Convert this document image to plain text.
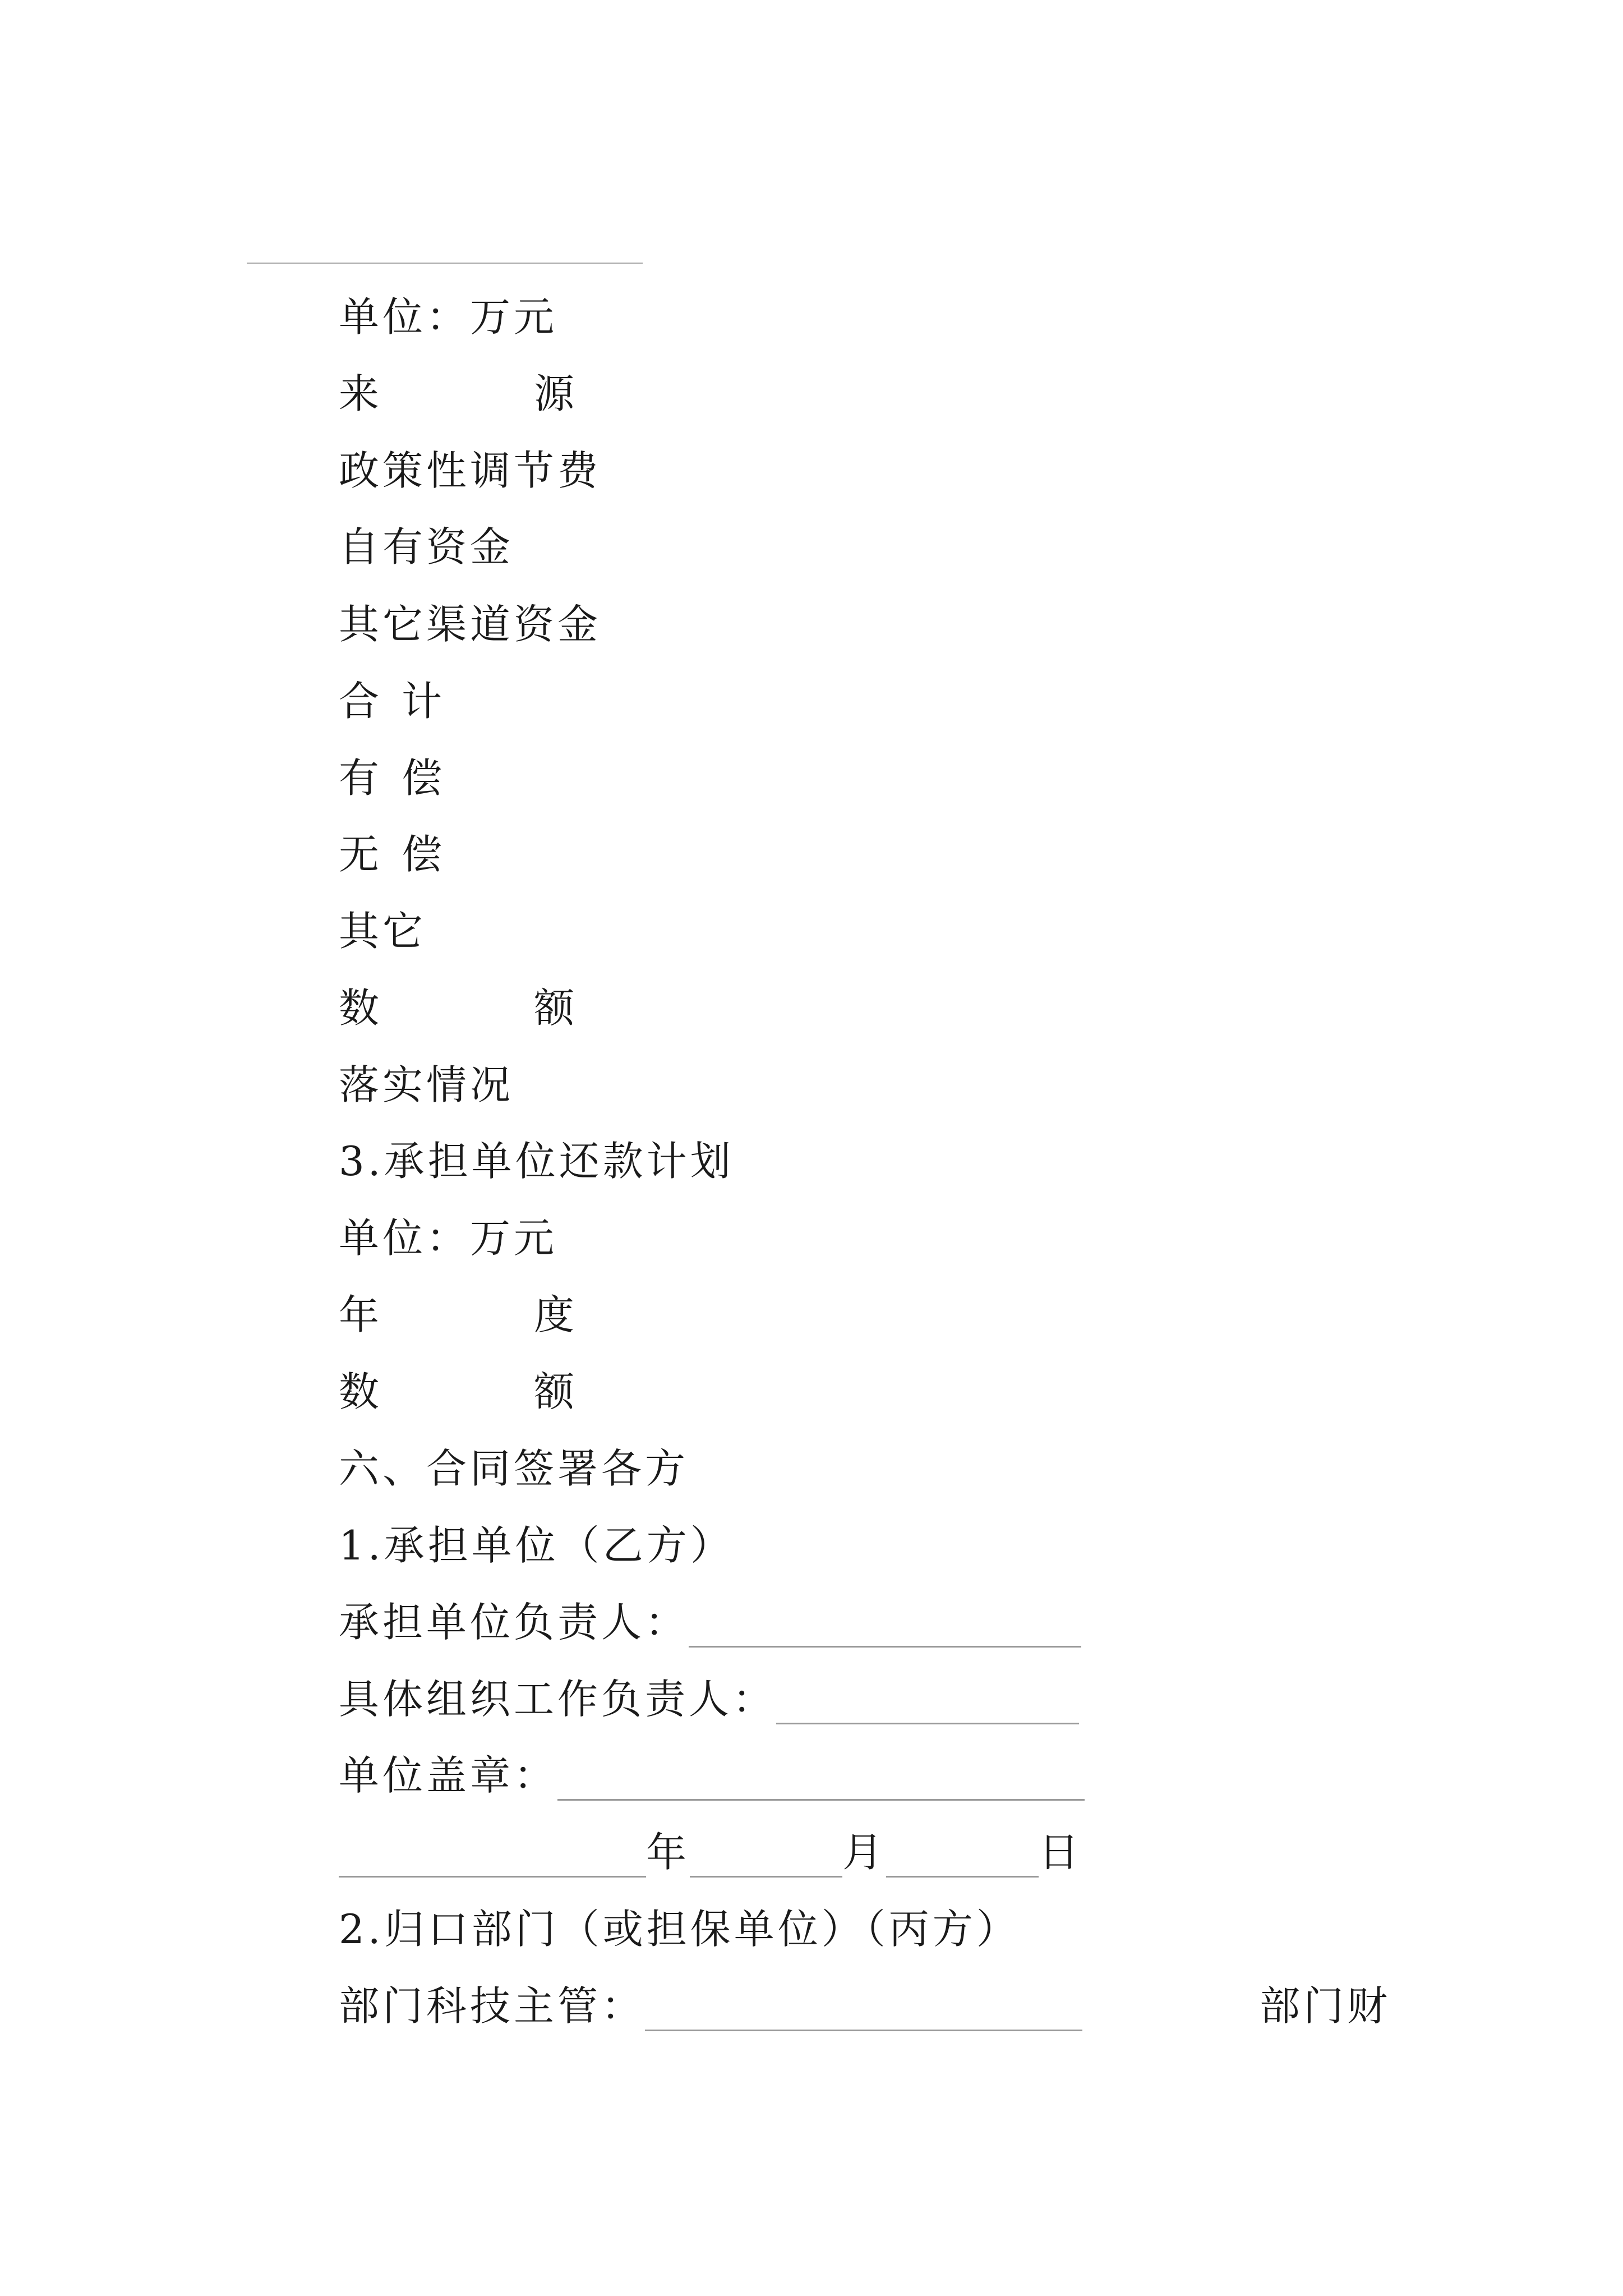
单位：万元
来	源
政策性调节费
自有资金
其它渠道资金
合 计
有 偿
无 偿
其它
数	额
落实情况
3.承担单位还款计划
单位：万元
年	度
数	额
六、合同签署各方
1.承担单位（乙方）
承担单位负责人：
具体组织工作负责人：
单位盖章：
年	月	日
2.归口部门（或担保单位）（丙方）
部门科技主管：	部门财
